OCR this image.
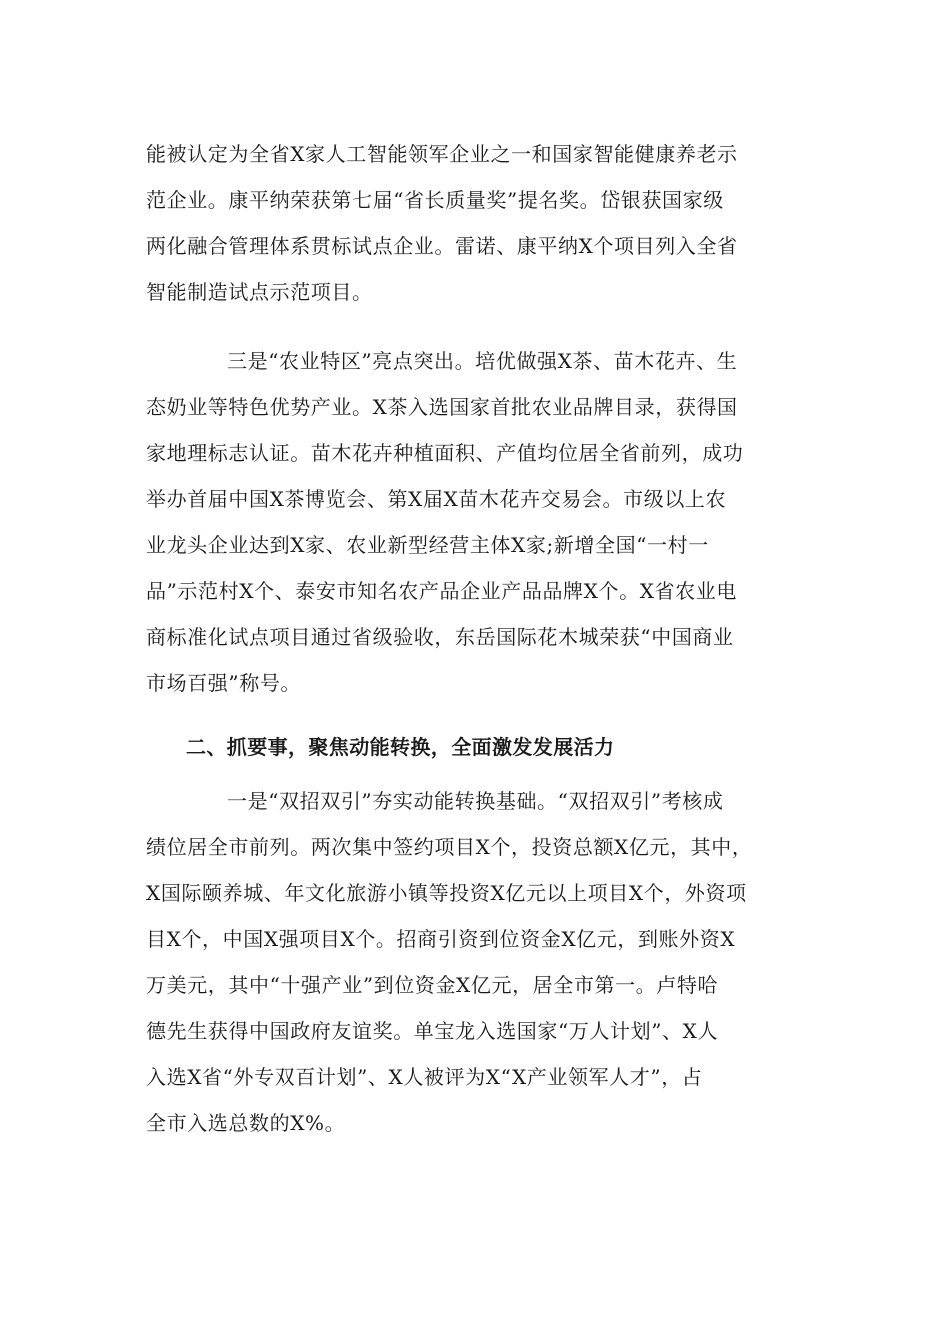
能被认定为全省X家人工智能领军企业之一和国家智能健康养老示
范企业。康平纳荣获第七届“省长质量奖”提名奖。岱银获国家级
两化融合管理体系贯标试点企业。雷诺、康平纳X个项目列入全省
智能制造试点示范项目。
三是“农业特区”亮点突出。培优做强X茶、苗木花卉、生
态奶业等特色优势产业。X茶入选国家首批农业品牌目录，获得国
家地理标志认证。苗木花卉种植面积、产值均位居全省前列，成功
举办首届中国X茶博览会、第X届X苗木花卉交易会。市级以上农
业龙头企业达到X家、农业新型经营主体X家;新增全国“一村一
品”示范村X个、泰安市知名农产品企业产品品牌X个。X省农业电
商标准化试点项目通过省级验收，东岳国际花木城荣获“中国商业
市场百强”称号。
二、抓要事，聚焦动能转换，全面激发发展活力
一是“双招双引”夯实动能转换基础。“双招双引”考核成
绩位居全市前列。两次集中签约项目X个，投资总额X亿元，其中，
X国际颐养城、年文化旅游小镇等投资X亿元以上项目X个，外资项
目X个，中国X强项目X个。招商引资到位资金X亿元，到账外资X
万美元，其中“十强产业”到位资金X亿元，居全市第一。卢特哈
德先生获得中国政府友谊奖。单宝龙入选国家“万人计划”、X人
入选X省“外专双百计划”、X人被评为X“X产业领军人才”，占
全市入选总数的X%。
